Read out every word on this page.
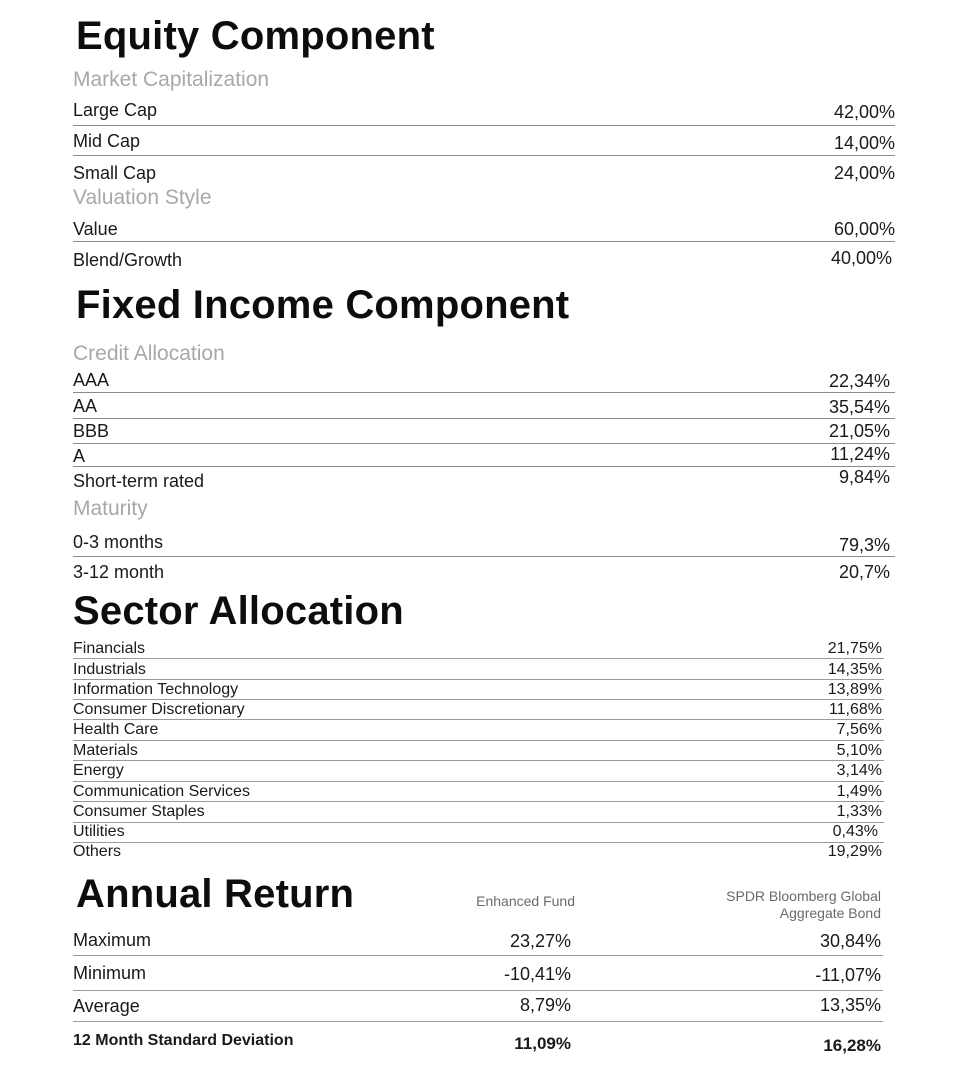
Equity Component
Market Capitalization
Large Cap	42,00%
Mid Cap	14,00%
Small Cap	24,00%
Valuation Style
Value	60,00%
Blend/Growth	40,00%
Fixed Income Component
Credit Allocation
AAA	22,34%
AA	35,54%
BBB	21,05%
A	11,24%
Short-term rated	9,84%
Maturity
0-3 months	79,3%
3-12 month	20,7%
Sector Allocation
Financials	21,75%
Industrials	14,35%
Information Technology	13,89%
Consumer Discretionary	11,68%
Health Care	7,56%
Materials	5,10%
Energy	3,14%
Communication Services	1,49%
Consumer Staples	1,33%
Utilities	0,43%
Others	19,29%
Annual Return	Enhanced Fund	SPDR Bloomberg Global
Aggregate Bond
Maximum	23,27%	30,84%
Minimum	-10,41%	-11,07%
Average	8,79%	13,35%
12 Month Standard Deviation	11,09%	16,28%
